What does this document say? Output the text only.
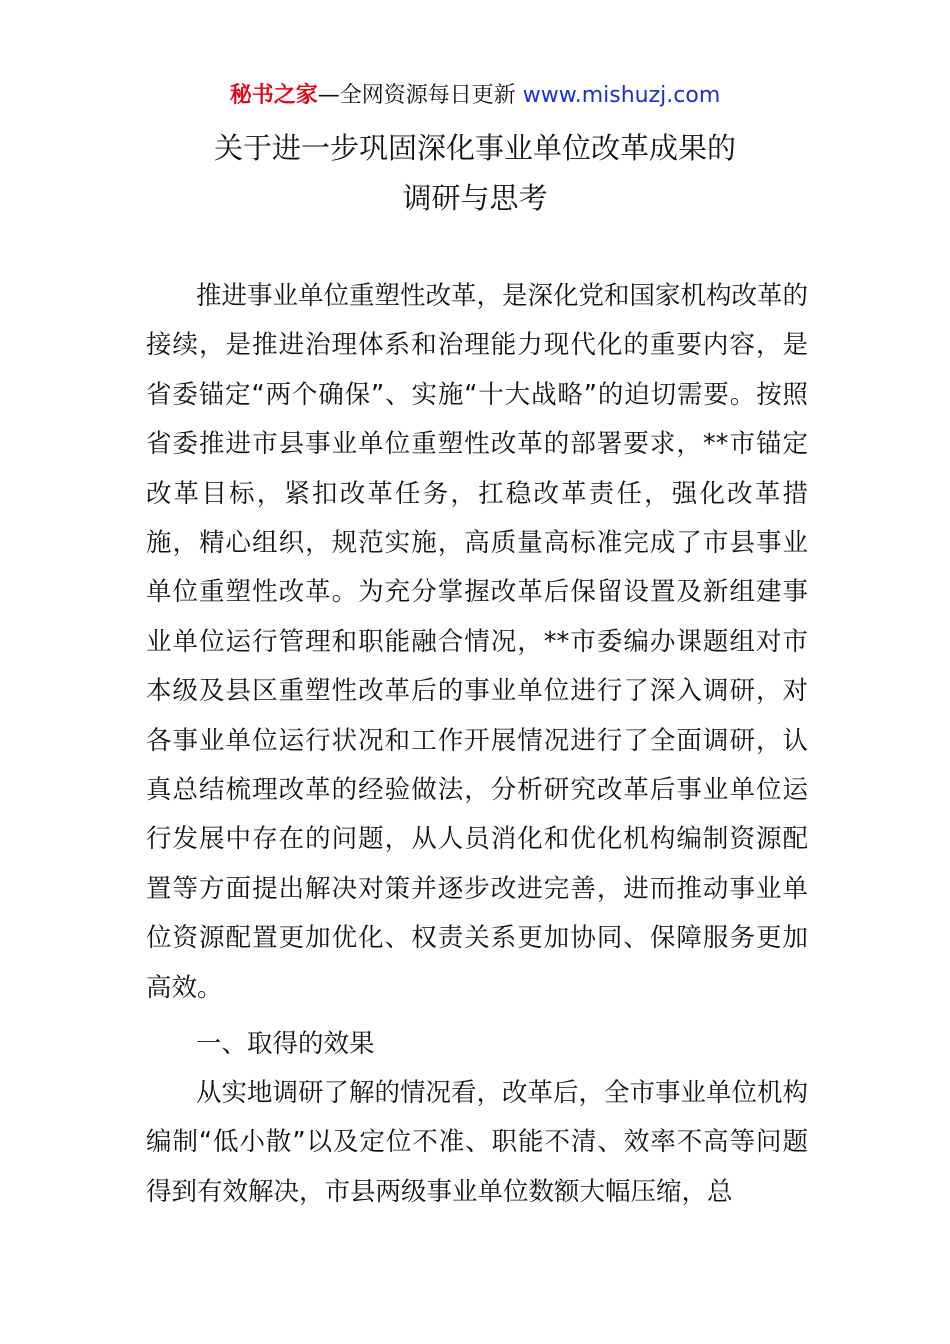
秘书之家—全网资源每日更新 www.mishuzj.com
关于进一步巩固深化事业单位改革成果的
调研与思考
推进事业单位重塑性改革，是深化党和国家机构改革的接续，是推进治理体系和治理能力现代化的重要内容，是省委锚定“两个确保”、实施“十大战略”的迫切需要。按照省委推进市县事业单位重塑性改革的部署要求，**市锚定改革目标，紧扣改革任务，扛稳改革责任，强化改革措施，精心组织，规范实施，高质量高标准完成了市县事业单位重塑性改革。为充分掌握改革后保留设置及新组建事业单位运行管理和职能融合情况，**市委编办课题组对市本级及县区重塑性改革后的事业单位进行了深入调研，对各事业单位运行状况和工作开展情况进行了全面调研，认真总结梳理改革的经验做法，分析研究改革后事业单位运行发展中存在的问题，从人员消化和优化机构编制资源配置等方面提出解决对策并逐步改进完善，进而推动事业单位资源配置更加优化、权责关系更加协同、保障服务更加高效。
一、取得的效果
从实地调研了解的情况看，改革后，全市事业单位机构编制“低小散”以及定位不准、职能不清、效率不高等问题得到有效解决，市县两级事业单位数额大幅压缩，总
